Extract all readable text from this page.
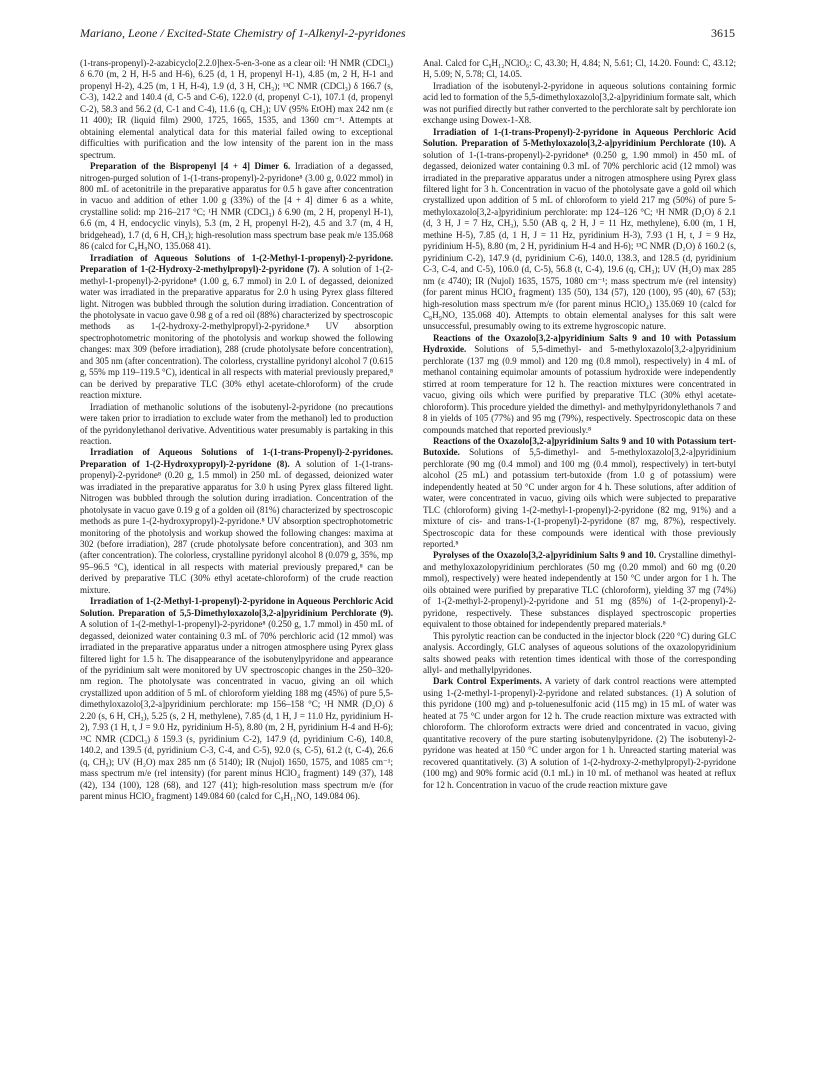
Mariano, Leone / Excited-State Chemistry of 1-Alkenyl-2-pyridones	3615

(1-trans-propenyl)-2-azabicyclo[2.2.0]hex-5-en-3-one as a clear oil: ¹H NMR (CDCl₃) δ 6.70 (m, 2 H, H-5 and H-6), 6.25 (d, 1 H, propenyl H-1), 4.85 (m, 2 H, H-1 and propenyl H-2), 4.25 (m, 1 H, H-4), 1.9 (d, 3 H, CH₃); ¹³C NMR (CDCl₃) δ 166.7 (s, C-3), 142.2 and 140.4 (d, C-5 and C-6), 122.0 (d, propenyl C-1), 107.1 (d, propenyl C-2), 58.3 and 56.2 (d, C-1 and C-4), 11.6 (q, CH₃); UV (95% EtOH) max 242 nm (ε 11 400); IR (liquid film) 2900, 1725, 1665, 1535, and 1360 cm⁻¹. Attempts at obtaining elemental analytical data for this material failed owing to exceptional difficulties with purification and the low intensity of the parent ion in the mass spectrum.

Preparation of the Bispropenyl [4 + 4] Dimer 6. Irradiation of a degassed, nitrogen-purged solution of 1-(1-trans-propenyl)-2-pyridone⁸ (3.00 g, 0.022 mmol) in 800 mL of acetonitrile in the preparative apparatus for 0.5 h gave after concentration in vacuo and addition of ether 1.00 g (33%) of the [4 + 4] dimer 6 as a white, crystalline solid: mp 216–217 °C; ¹H NMR (CDCl₃) δ 6.90 (m, 2 H, propenyl H-1), 6.6 (m, 4 H, endocyclic vinyls), 5.3 (m, 2 H, propenyl H-2), 4.5 and 3.7 (m, 4 H, bridgehead), 1.7 (d, 6 H, CH₃); high-resolution mass spectrum base peak m/e 135.068 86 (calcd for C₈H₉NO, 135.068 41).

Irradiation of Aqueous Solutions of 1-(2-Methyl-1-propenyl)-2-pyridone. Preparation of 1-(2-Hydroxy-2-methylpropyl)-2-pyridone (7). A solution of 1-(2-methyl-1-propenyl)-2-pyridone⁸ (1.00 g, 6.7 mmol) in 2.0 L of degassed, deionized water was irradiated in the preparative apparatus for 2.0 h using Pyrex glass filtered light. Nitrogen was bubbled through the solution during irradiation. Concentration of the photolysate in vacuo gave 0.98 g of a red oil (88%) characterized by spectroscopic methods as 1-(2-hydroxy-2-methylpropyl)-2-pyridone.⁸ UV absorption spectrophotometric monitoring of the photolysis and workup showed the following changes: max 309 (before irradiation), 288 (crude photolysate before concentration), and 305 nm (after concentration). The colorless, crystalline pyridonyl alcohol 7 (0.615 g, 55% mp 119–119.5 °C), identical in all respects with material previously prepared,⁸ can be derived by preparative TLC (30% ethyl acetate-chloroform) of the crude reaction mixture.

Irradiation of methanolic solutions of the isobutenyl-2-pyridone (no precautions were taken prior to irradiation to exclude water from the methanol) led to production of the pyridonylethanol derivative. Adventitious water presumably is partaking in this reaction.

Irradiation of Aqueous Solutions of 1-(1-trans-Propenyl)-2-pyridones. Preparation of 1-(2-Hydroxypropyl)-2-pyridone (8). A solution of 1-(1-trans-propenyl)-2-pyridone⁸ (0.20 g, 1.5 mmol) in 250 mL of degassed, deionized water was irradiated in the preparative apparatus for 3.0 h using Pyrex glass filtered light. Nitrogen was bubbled through the solution during irradiation. Concentration of the photolysate in vacuo gave 0.19 g of a golden oil (81%) characterized by spectroscopic methods as pure 1-(2-hydroxypropyl)-2-pyridone.⁸ UV absorption spectrophotometric monitoring of the photolysis and workup showed the following changes: maxima at 302 (before irradiation), 287 (crude photolysate before concentration), and 303 nm (after concentration). The colorless, crystalline pyridonyl alcohol 8 (0.079 g, 35%, mp 95–96.5 °C), identical in all respects with material previously prepared,⁸ can be derived by preparative TLC (30% ethyl acetate-chloroform) of the crude reaction mixture.

Irradiation of 1-(2-Methyl-1-propenyl)-2-pyridone in Aqueous Perchloric Acid Solution. Preparation of 5,5-Dimethyloxazolo[3,2-a]pyridinium Perchlorate (9). A solution of 1-(2-methyl-1-propenyl)-2-pyridone⁸ (0.250 g, 1.7 mmol) in 450 mL of degassed, deionized water containing 0.3 mL of 70% perchloric acid (12 mmol) was irradiated in the preparative apparatus under a nitrogen atmosphere using Pyrex glass filtered light for 1.5 h. The disappearance of the isobutenylpyridone and appearance of the pyridinium salt were monitored by UV spectroscopic changes in the 250–320-nm region. The photolysate was concentrated in vacuo, giving an oil which crystallized upon addition of 5 mL of chloroform yielding 188 mg (45%) of pure 5,5-dimethyloxazolo[3,2-a]pyridinium perchlorate: mp 156–158 °C; ¹H NMR (D₂O) δ 2.20 (s, 6 H, CH₃), 5.25 (s, 2 H, methylene), 7.85 (d, 1 H, J = 11.0 Hz, pyridinium H-2), 7.93 (1 H, t, J = 9.0 Hz, pyridinium H-5), 8.80 (m, 2 H, pyridinium H-4 and H-6); ¹³C NMR (CDCl₃) δ 159.3 (s, pyridinium C-2), 147.9 (d, pyridinium C-6), 140.8, 140.2, and 139.5 (d, pyridinium C-3, C-4, and C-5), 92.0 (s, C-5), 61.2 (t, C-4), 26.6 (q, CH₃); UV (H₂O) max 285 nm (δ 5140); IR (Nujol) 1650, 1575, and 1085 cm⁻¹; mass spectrum m/e (rel intensity) (for parent minus HClO₄ fragment) 149 (37), 148 (42), 134 (100), 128 (68), and 127 (41); high-resolution mass spectrum m/e (for parent minus HClO₄ fragment) 149.084 60 (calcd for C₉H₁₁NO, 149.084 06).

Anal. Calcd for C₉H₁₂NClO₆: C, 43.30; H, 4.84; N, 5.61; Cl, 14.20. Found: C, 43.12; H, 5.09; N, 5.78; Cl, 14.05.

Irradiation of the isobutenyl-2-pyridone in aqueous solutions containing formic acid led to formation of the 5,5-dimethyloxazolo[3,2-a]pyridinium formate salt, which was not purified directly but rather converted to the perchlorate salt by perchlorate ion exchange using Dowex-1-X8.

Irradiation of 1-(1-trans-Propenyl)-2-pyridone in Aqueous Perchloric Acid Solution. Preparation of 5-Methyloxazolo[3,2-a]pyridinium Perchlorate (10). A solution of 1-(1-trans-propenyl)-2-pyridone⁸ (0.250 g, 1.90 mmol) in 450 mL of degassed, deionized water containing 0.3 mL of 70% perchloric acid (12 mmol) was irradiated in the preparative apparatus under a nitrogen atmosphere using Pyrex glass filtered light for 3 h. Concentration in vacuo of the photolysate gave a gold oil which crystallized upon addition of 5 mL of chloroform to yield 217 mg (50%) of pure 5-methyloxazolo[3,2-a]pyridinium perchlorate: mp 124–126 °C; ¹H NMR (D₂O) δ 2.1 (d, 3 H, J = 7 Hz, CH₃), 5.50 (AB q, 2 H, J = 11 Hz, methylene), 6.00 (m, 1 H, methine H-5), 7.85 (d, 1 H, J = 11 Hz, pyridinium H-3), 7.93 (1 H, t, J = 9 Hz, pyridinium H-5), 8.80 (m, 2 H, pyridinium H-4 and H-6); ¹³C NMR (D₂O) δ 160.2 (s, pyridinium C-2), 147.9 (d, pyridinium C-6), 140.0, 138.3, and 128.5 (d, pyridinium C-3, C-4, and C-5), 106.0 (d, C-5), 56.8 (t, C-4), 19.6 (q, CH₃); UV (H₂O) max 285 nm (ε 4740); IR (Nujol) 1635, 1575, 1080 cm⁻¹; mass spectrum m/e (rel intensity) (for parent minus HClO₄ fragment) 135 (50), 134 (57), 120 (100), 95 (40), 67 (53); high-resolution mass spectrum m/e (for parent minus HClO₄) 135.069 10 (calcd for C₈H₉NO, 135.068 40). Attempts to obtain elemental analyses for this salt were unsuccessful, presumably owing to its extreme hygroscopic nature.

Reactions of the Oxazolo[3,2-a]pyridinium Salts 9 and 10 with Potassium Hydroxide. Solutions of 5,5-dimethyl- and 5-methyloxazolo[3,2-a]pyridinium perchlorate (137 mg (0.9 mmol) and 120 mg (0.8 mmol), respectively) in 4 mL of methanol containing equimolar amounts of potassium hydroxide were independently stirred at room temperature for 12 h. The reaction mixtures were concentrated in vacuo, giving oils which were purified by preparative TLC (30% ethyl acetate-chloroform). This procedure yielded the dimethyl- and methylpyridonylethanols 7 and 8 in yields of 105 (77%) and 95 mg (79%), respectively. Spectroscopic data on these compounds matched that reported previously.⁸

Reactions of the Oxazolo[3,2-a]pyridinium Salts 9 and 10 with Potassium tert-Butoxide. Solutions of 5,5-dimethyl- and 5-methyloxazolo[3,2-a]pyridinium perchlorate (90 mg (0.4 mmol) and 100 mg (0.4 mmol), respectively) in tert-butyl alcohol (25 mL) and potassium tert-butoxide (from 1.0 g of potassium) were independently heated at 50 °C under argon for 4 h. These solutions, after addition of water, were concentrated in vacuo, giving oils which were subjected to preparative TLC (chloroform) giving 1-(2-methyl-1-propenyl)-2-pyridone (82 mg, 91%) and a mixture of cis- and trans-1-(1-propenyl)-2-pyridone (87 mg, 87%), respectively. Spectroscopic data for these compounds were identical with those previously reported.⁸

Pyrolyses of the Oxazolo[3,2-a]pyridinium Salts 9 and 10. Crystalline dimethyl- and methyloxazolopyridinium perchlorates (50 mg (0.20 mmol) and 60 mg (0.20 mmol), respectively) were heated independently at 150 °C under argon for 1 h. The oils obtained were purified by preparative TLC (chloroform), yielding 37 mg (74%) of 1-(2-methyl-2-propenyl)-2-pyridone and 51 mg (85%) of 1-(2-propenyl)-2-pyridone, respectively. These substances displayed spectroscopic properties equivalent to those obtained for independently prepared materials.⁸

This pyrolytic reaction can be conducted in the injector block (220 °C) during GLC analysis. Accordingly, GLC analyses of aqueous solutions of the oxazolopyridinium salts showed peaks with retention times identical with those of the corresponding allyl- and methallylpyridones.

Dark Control Experiments. A variety of dark control reactions were attempted using 1-(2-methyl-1-propenyl)-2-pyridone and related substances. (1) A solution of this pyridone (100 mg) and p-toluenesulfonic acid (115 mg) in 15 mL of water was heated at 75 °C under argon for 12 h. The crude reaction mixture was extracted with chloroform. The chloroform extracts were dried and concentrated in vacuo, giving quantitative recovery of the pure starting isobutenylpyridone. (2) The isobutenyl-2-pyridone was heated at 150 °C under argon for 1 h. Unreacted starting material was recovered quantitatively. (3) A solution of 1-(2-hydroxy-2-methylpropyl)-2-pyridone (100 mg) and 90% formic acid (0.1 mL) in 10 mL of methanol was heated at reflux for 12 h. Concentration in vacuo of the crude reaction mixture gave
